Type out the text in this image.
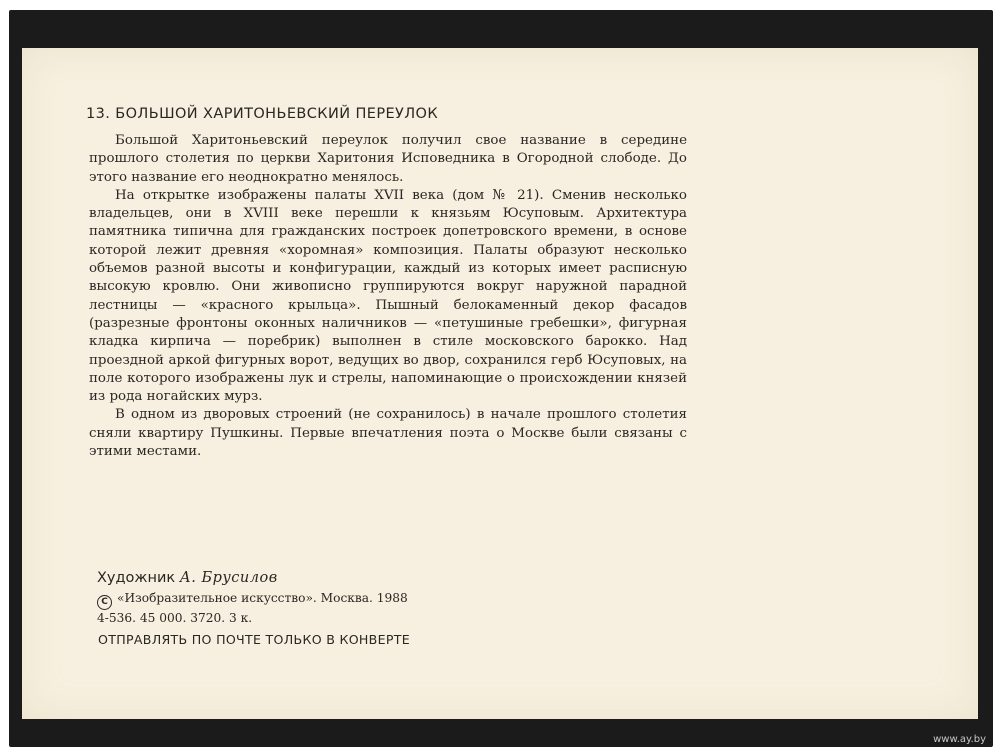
13. БОЛЬШОЙ ХАРИТОНЬЕВСКИЙ ПЕРЕУЛОК

Большой Харитоньевский переулок получил свое название в середине прошлого столетия по церкви Харитония Исповедника в Огородной слободе. До этого название его неоднократно менялось.

На открытке изображены палаты XVII века (дом № 21). Сменив несколько владельцев, они в XVIII веке перешли к князьям Юсуповым. Архитектура памятника типична для гражданских построек допетровского времени, в основе которой лежит древняя «хоромная» композиция. Палаты образуют несколько объемов разной высоты и конфигурации, каждый из которых имеет расписную высокую кровлю. Они живописно группируются вокруг наружной парадной лестницы — «красного крыльца». Пышный белокаменный декор фасадов (разрезные фронтоны оконных наличников — «петушиные гребешки», фигурная кладка кирпича — поребрик) выполнен в стиле московского барокко. Над проездной аркой фигурных ворот, ведущих во двор, сохранился герб Юсуповых, на поле которого изображены лук и стрелы, напоминающие о происхождении князей из рода ногайских мурз.

В одном из дворовых строений (не сохранилось) в начале прошлого столетия сняли квартиру Пушкины. Первые впечатления поэта о Москве были связаны с этими местами.

Художник А. Брусилов
C «Изобразительное искусство». Москва. 1988
4-536. 45 000. 3720. 3 к.
ОТПРАВЛЯТЬ ПО ПОЧТЕ ТОЛЬКО В КОНВЕРТЕ
www.ay.by
